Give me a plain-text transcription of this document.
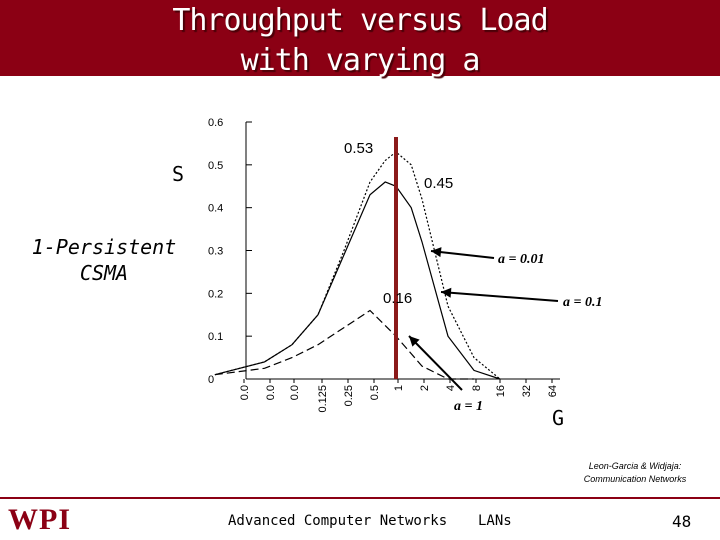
Throughput versus Load
with varying a
S
1-Persistent
CSMA
G
0
0.1
0.2
0.3
0.4
0.5
0.6
0.0 0.0 0.0 0.125 0.25 0.5 1 2 4 8 16 32 64
0.53
0.45
0.16
a = 0.01
a = 0.1
a = 1
Leon-Garcia & Widjaja:
Communication Networks
WPI	Advanced Computer Networks LANs	48
